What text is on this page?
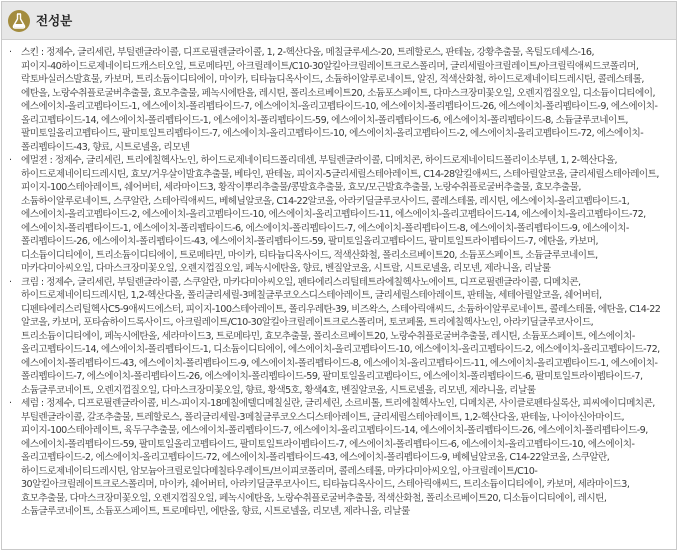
전성분
· 스킨 : 정제수, 글리세린, 부틸렌글라이콜, 디프로필렌글라이콜, 1, 2-헥산다올, 메칠글루세스-20, 트레할로스, 판테놀, 강황추출물, 옥틸도데세스-16, 피이지-40하이드로제네이티드캐스터오일, 트로메타민, 아크릴레이트/C10-30알킬아크릴레이트크로스폴리머, 글리세릴아크릴레이트/아크릴릭애씨드코폴리머, 락토바실러스발효물, 카보머, 트리소듐이디티에이, 마이카, 티타늄디옥사이드, 소듐하이알루로네이트, 알진, 적색산화철, 하이드로제네이티드레시틴, 콜레스테롤, 에탄올, 노랑수취플로굴버추출물, 효모추출물, 페녹시에탄올, 레시틴, 폴리소르베이트20, 소듐포스페이트, 다마스크장미꽃오일, 오렌지껍질오일, 디소듐이디티에이, 에스에이치-올리고펩타이드-1, 에스에이치-폴리펩타이드-7, 에스에이치-올리고펩타이드-10, 에스에이치-폴리펩타이드-26, 에스에이치-폴리펩타이드-9, 에스에이치-올리고펩타이드-14, 에스에이치-폴리펩타이드-1, 에스에이치-폴리펩타이드-59, 에스에이치-폴리펩타이드-6, 에스에이치-폴리펩타이드-8, 소듐글루코네이트, 팔미토일올리고펩타이드, 팔미토일트리펩타이드-7, 에스에이치-올리고펩타이드-10, 에스에이치-올리고펩타이드-2, 에스에이치-올리고펩타이드-72, 에스에이치-폴리펩타이드-43, 향료, 시트로넬올, 리모넨
· 에멀젼 : 정제수, 글리세린, 트리에칠헥사노인, 하이드로제네이티드폴리데센, 부틸렌글라이콜, 디메치콘, 하이드로제네이티드폴리이소부텐, 1, 2-헥산다올, 하이드로제네이티드레시틴, 효모/거우살이발효추출물, 베타인, 판테놀, 피이지-5글리세릴스테아레이트, C14-28알킬애씨드, 스테아릴알코올, 글리세릴스테아레이트, 피이지-100스테아레이트, 쉐어버터, 세라마이드3, 황작이뿌리추출물/콩발효추출물, 효모/모근발효추출물, 노랑수취플로굴버추출물, 효모추출물, 소듐하이알루로네이트, 스쿠알란, 스테아릭애씨드, 베헤닐알코올, C14-22알코올, 아라키딜글루코사이드, 콜레스테롤, 레시틴, 에스에이치-올리고펩타이드-1, 에스에이치-올리고펩타이드-2, 에스에이치-올리고펩타이드-10, 에스에이치-올리고펩타이드-11, 에스에이치-올리고펩타이드-14, 에스에이치-올리고펩타이드-72, 에스에이치-폴리펩타이드-1, 에스에이치-폴리펩타이드-6, 에스에이치-폴리펩타이드-7, 에스에이치-폴리펩타이드-8, 에스에이치-폴리펩타이드-9, 에스에이치-폴리펩타이드-26, 에스에이치-폴리펩타이드-43, 에스에이치-폴리펩타이드-59, 팔미토일올리고펩타이드, 팔미토일트라이펩타이드-7, 에탄올, 카보머, 디소듐이디티에이, 트리소듐이디티에이, 트로메타민, 마이카, 티타늄디옥사이드, 적색산화철, 폴리소르베이트20, 소듐포스페이트, 소듐글루코네이트, 마카다미아씨오일, 다마스크장미꽃오일, 오렌지껍질오일, 페녹시에탄올, 향료, 벤질알코올, 시트랄, 시트로넬올, 리모넨, 제라니올, 리날룰
· 크림 : 정제수, 글리세린, 부틸렌글라이콜, 스쿠알란, 마카다미아씨오일, 펜타에리스리틸테트라에칠헥사노에이트, 디프로필렌글라이콜, 디메치콘, 하이드로제네이티드레시틴, 1,2-헥산다올, 폴리글리세릴-3메칠글루코오스디스테아레이트, 글리세릴스테아레이트, 판테놀, 세테아릴알코올, 쉐어버터, 디펜타에리스리틸헥사C5-9애씨드에스터, 피이지-100스테아레이트, 폴리우레탄-39, 비즈왁스, 스테아릭애씨드, 소듐하이알루로네이트, 콜레스테롤, 에탄올, C14-22 알코올, 카보머, 포타슘하이드록사이드, 아크릴레이트/C10-30알킬아크릴레이트크로스폴리머, 토코페롤, 트리에칠헥사노인, 아라키딜글루코사이드, 트리소듐이디티에이, 페녹시에탄올, 세라마이드3, 트로메타민, 효모추출물, 폴리소르베이트20, 노랑수취플로굴버추출물, 레시틴, 소듐포스페이트, 에스에이치-올리고펩타이드-14, 에스에이치-폴리펩타이드-1, 디소듐이디티에이, 에스에이치-올리고펩타이드-10, 에스에이치-올리고펩타이드-2, 에스에이치-올리고펩타이드-72, 에스에이치-폴리펩타이드-43, 에스에이치-폴리펩타이드-9, 에스에이치-폴리펩타이드-8, 에스에이치-올리고펩타이드-11, 에스에이치-올리고펩타이드-1, 에스에이치-폴리펩타이드-7, 에스에이치-폴리펩타이드-26, 에스에이치-폴리펩타이드-59, 팔미토일올리고펩타이드, 에스에이치-폴리펩타이드-6, 팔미토일트라이펩타이드-7, 소듐글루코네이트, 오렌지껍질오일, 다마스크장미꽃오일, 향료, 황색5호, 황색4호, 벤질알코올, 시트로넬올, 리모넨, 제라니올, 리날룰
· 세럼 : 정제수, 디프로필렌글라이콜, 비스-피이지-18메칠에텔디메칠실란, 글리세린, 소르비톨, 트리에칠헥사노인, 디메치콘, 사이클로펜타실록산, 피씨에이디메치콘, 부틸렌글라이콜, 갈조추출물, 트레할로스, 폴리글리세릴-3메칠글루코오스디스테아레이트, 글리세릴스테아레이트, 1,2-헥산다올, 판테놀, 나이아신아마이드, 피이지-100스테아레이트, 육두구추출물, 에스에이치-폴리펩타이드-7, 에스에이치-올리고펩타이드-14, 에스에이치-폴리펩타이드-26, 에스에이치-폴리펩타이드-9, 에스에이치-폴리펩타이드-59, 팔미토일올리고펩타이드, 팔미토일트라이펩타이드-7, 에스에이치-폴리펩타이드-6, 에스에이치-올리고펩타이드-10, 에스에이치-올리고펩타이드-2, 에스에이치-올리고펩타이드-72, 에스에이치-폴리펩타이드-43, 에스에이치-폴리펩타이드-9, 베헤닐알코올, C14-22알코올, 스쿠알란, 하이드로제네이티드레시틴, 암모늄아크릴로일다메칠타우레이트/브이피코폴리머, 콜레스테롤, 마카다미아씨오일, 아크릴레이트/C10-30알킬아크릴레이트크로스폴리머, 마이카, 쉐어버터, 아라키딜글루코사이드, 티타늄디옥사이드, 스테아릭애씨드, 트리소듐이디티에이, 카보머, 세라마이드3, 효모추출물, 다마스크장미꽃오일, 오렌지껍질오일, 페녹시에탄올, 노랑수취플로굴버추출물, 적색산화철, 폴리소르베이트20, 디소듐이디티에이, 레시틴, 소듐글루코네이트, 소듐포스페이트, 트로메타민, 에탄올, 향료, 시트로넬올, 리모넨, 제라니올, 리날룰
